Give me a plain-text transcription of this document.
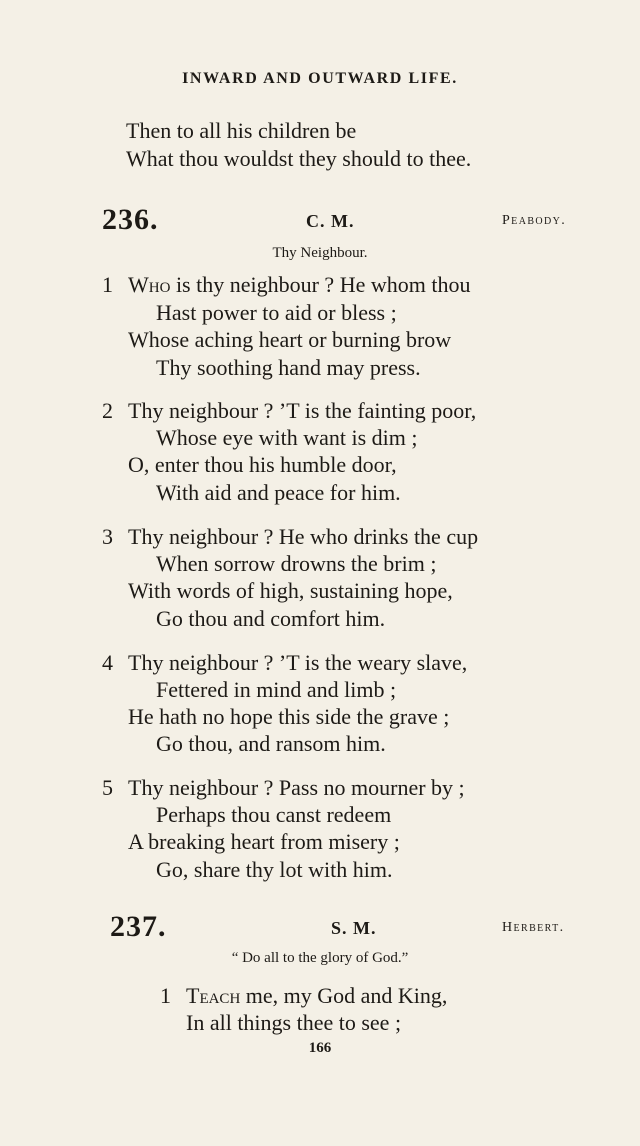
INWARD AND OUTWARD LIFE.
Then to all his children be
What thou wouldst they should to thee.
236.	C. M.	Peabody.
Thy Neighbour.
1 Who is thy neighbour ? He whom thou
Hast power to aid or bless ;
Whose aching heart or burning brow
Thy soothing hand may press.
2 Thy neighbour ? ’T is the fainting poor,
Whose eye with want is dim ;
O, enter thou his humble door,
With aid and peace for him.
3 Thy neighbour ? He who drinks the cup
When sorrow drowns the brim ;
With words of high, sustaining hope,
Go thou and comfort him.
4 Thy neighbour ? ’T is the weary slave,
Fettered in mind and limb ;
He hath no hope this side the grave ;
Go thou, and ransom him.
5 Thy neighbour ? Pass no mourner by ;
Perhaps thou canst redeem
A breaking heart from misery ;
Go, share thy lot with him.
237.	S. M.	Herbert.
“ Do all to the glory of God.”
1 Teach me, my God and King,
In all things thee to see ;
166
